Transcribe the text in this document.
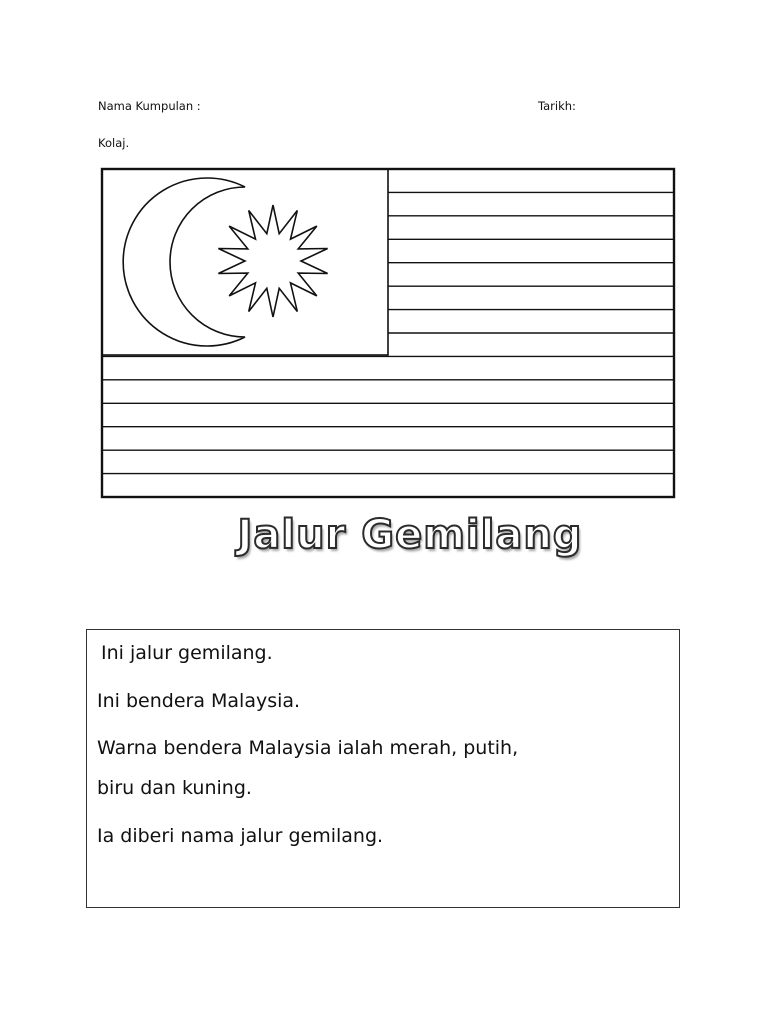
Nama Kumpulan :	Tarikh:
Kolaj.
Jalur Gemilang
Ini jalur gemilang.
Ini bendera Malaysia.
Warna bendera Malaysia ialah merah, putih,
biru dan kuning.
Ia diberi nama jalur gemilang.
